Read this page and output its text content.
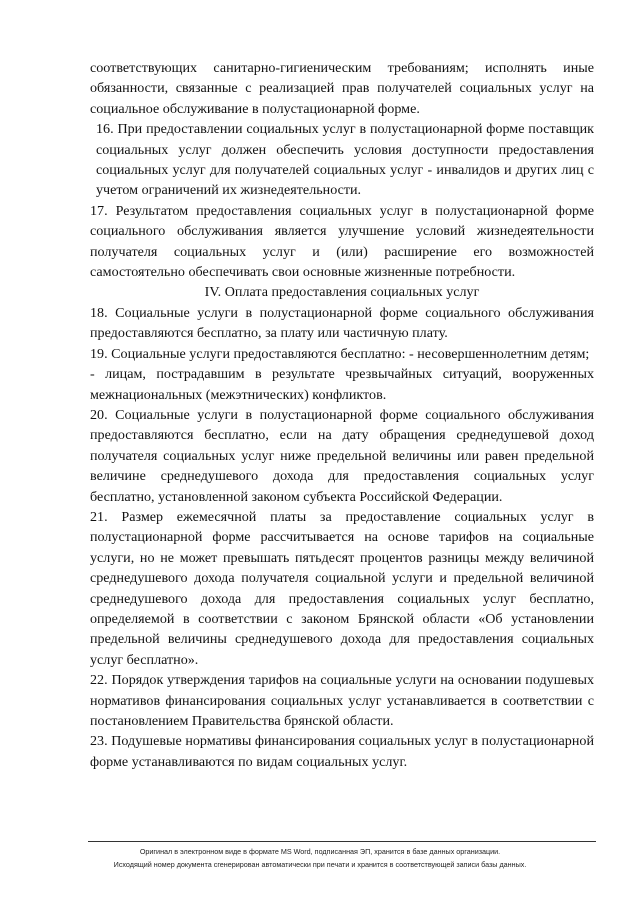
соответствующих санитарно-гигиеническим требованиям; исполнять иные обязанности, связанные с реализацией прав получателей социальных услуг на социальное обслуживание в полустационарной форме.

16. При предоставлении социальных услуг в полустационарной форме поставщик социальных услуг должен обеспечить условия доступности предоставления социальных услуг для получателей социальных услуг - инвалидов и других лиц с учетом ограничений их жизнедеятельности.

17. Результатом предоставления социальных услуг в полустационарной форме социального обслуживания является улучшение условий жизнедеятельности получателя социальных услуг и (или) расширение его возможностей самостоятельно обеспечивать свои основные жизненные потребности.

IV. Оплата предоставления социальных услуг

18. Социальные услуги в полустационарной форме социального обслуживания предоставляются бесплатно, за плату или частичную плату.

19. Социальные услуги предоставляются бесплатно: - несовершеннолетним детям;

- лицам, пострадавшим в результате чрезвычайных ситуаций, вооруженных межнациональных (межэтнических) конфликтов.

20. Социальные услуги в полустационарной форме социального обслуживания предоставляются бесплатно, если на дату обращения среднедушевой доход получателя социальных услуг ниже предельной величины или равен предельной величине среднедушевого дохода для предоставления социальных услуг бесплатно, установленной законом субъекта Российской Федерации.

21. Размер ежемесячной платы за предоставление социальных услуг в полустационарной форме рассчитывается на основе тарифов на социальные услуги, но не может превышать пятьдесят процентов разницы между величиной среднедушевого дохода получателя социальной услуги и предельной величиной среднедушевого дохода для предоставления социальных услуг бесплатно, определяемой в соответствии с законом Брянской области «Об установлении предельной величины среднедушевого дохода для предоставления социальных услуг бесплатно».

22. Порядок утверждения тарифов на социальные услуги на основании подушевых нормативов финансирования социальных услуг устанавливается в соответствии с постановлением Правительства брянской области.

23. Подушевые нормативы финансирования социальных услуг в полустационарной форме устанавливаются по видам социальных услуг.

Оригинал в электронном виде в формате MS Word, подписанная ЭП, хранится в базе данных организации.
Исходящий номер документа сгенерирован автоматически при печати и хранится в соответствующей записи базы данных.
